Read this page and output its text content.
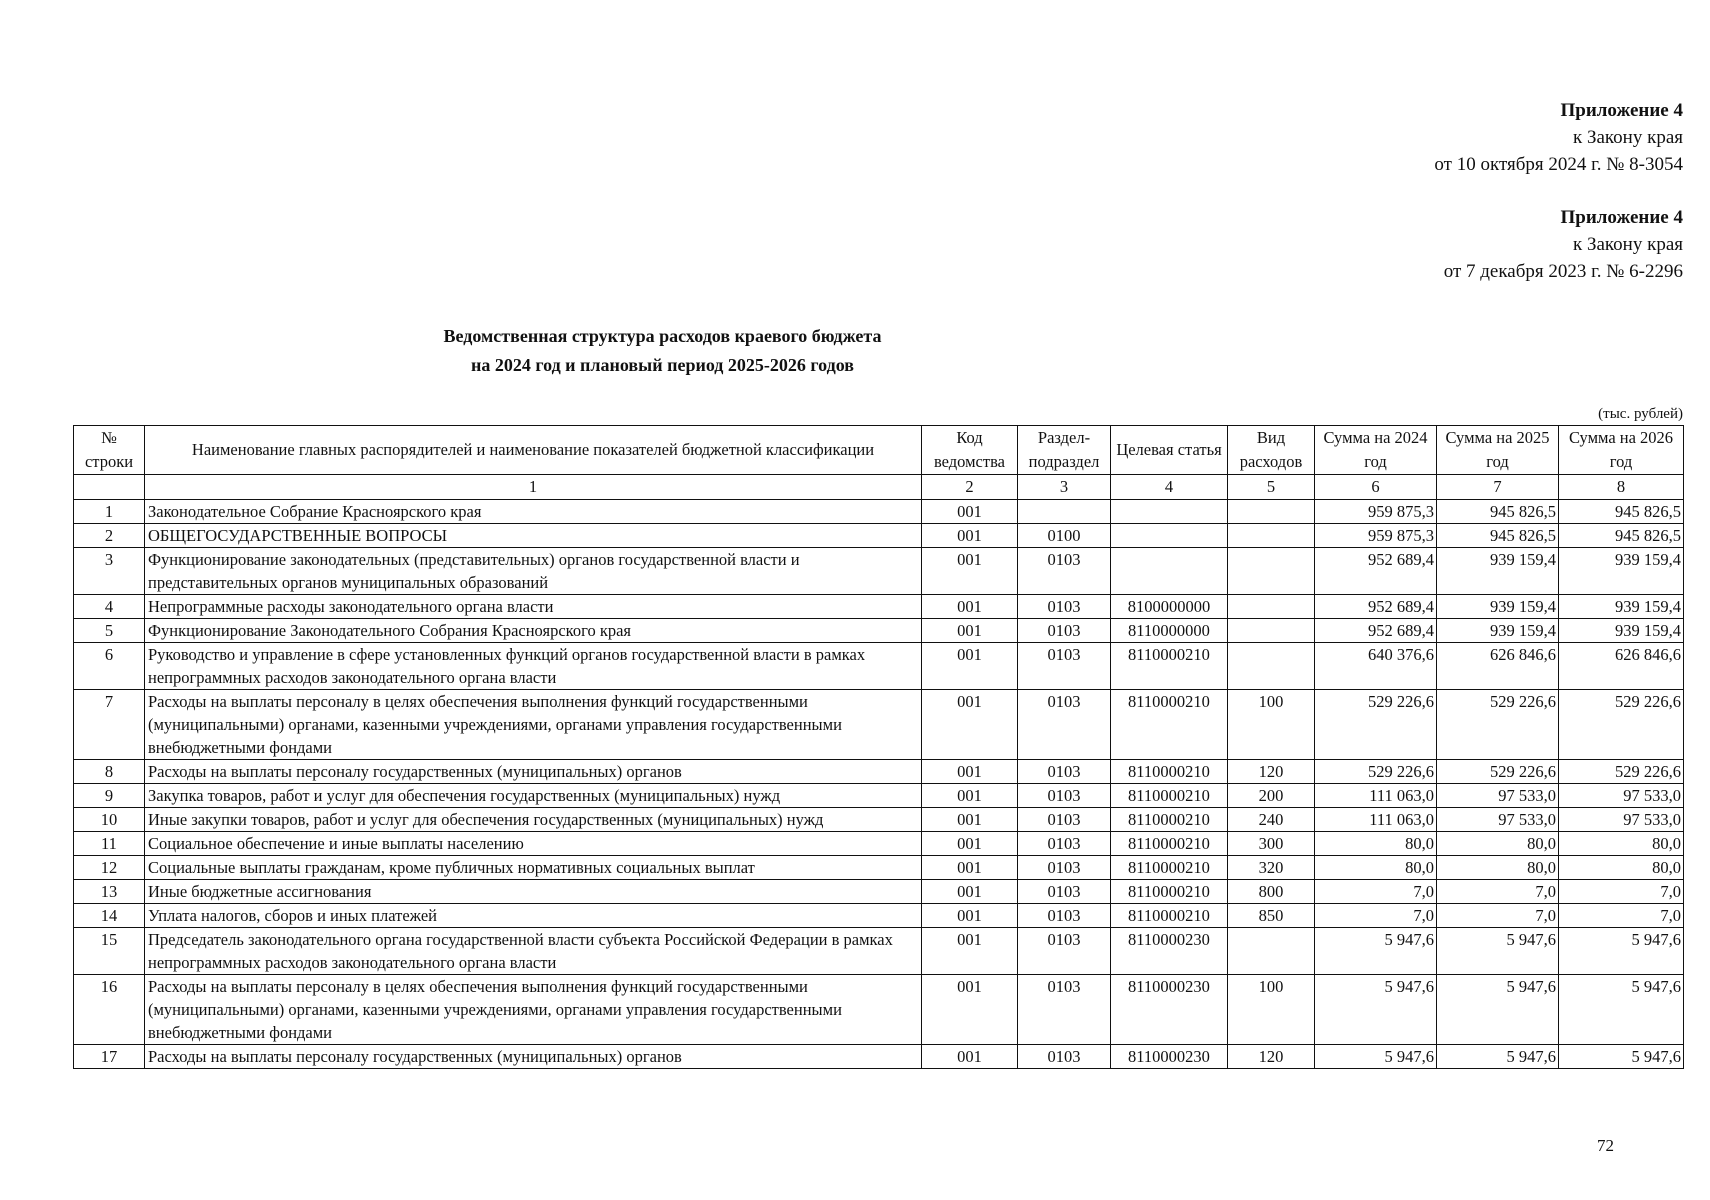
Приложение 4
к Закону края
от 10 октября 2024 г. № 8-3054
Приложение 4
к Закону края
от 7 декабря 2023 г. № 6-2296
Ведомственная структура расходов краевого бюджета
на 2024 год и плановый период 2025-2026 годов
(тыс. рублей)
№ строки	Наименование главных распорядителей и наименование показателей бюджетной классификации	Код ведомства	Раздел-подраздел	Целевая статья	Вид расходов	Сумма на 2024 год	Сумма на 2025 год	Сумма на 2026 год
	1	2	3	4	5	6	7	8
1	Законодательное Собрание Красноярского края	001				959 875,3	945 826,5	945 826,5
2	ОБЩЕГОСУДАРСТВЕННЫЕ ВОПРОСЫ	001	0100			959 875,3	945 826,5	945 826,5
3	Функционирование законодательных (представительных) органов государственной власти и представительных органов муниципальных образований	001	0103			952 689,4	939 159,4	939 159,4
4	Непрограммные расходы законодательного органа власти	001	0103	8100000000		952 689,4	939 159,4	939 159,4
5	Функционирование Законодательного Собрания Красноярского края	001	0103	8110000000		952 689,4	939 159,4	939 159,4
6	Руководство и управление в сфере установленных функций органов государственной власти в рамках непрограммных расходов законодательного органа власти	001	0103	8110000210		640 376,6	626 846,6	626 846,6
7	Расходы на выплаты персоналу в целях обеспечения выполнения функций государственными (муниципальными) органами, казенными учреждениями, органами управления государственными внебюджетными фондами	001	0103	8110000210	100	529 226,6	529 226,6	529 226,6
8	Расходы на выплаты персоналу государственных (муниципальных) органов	001	0103	8110000210	120	529 226,6	529 226,6	529 226,6
9	Закупка товаров, работ и услуг для обеспечения государственных (муниципальных) нужд	001	0103	8110000210	200	111 063,0	97 533,0	97 533,0
10	Иные закупки товаров, работ и услуг для обеспечения государственных (муниципальных) нужд	001	0103	8110000210	240	111 063,0	97 533,0	97 533,0
11	Социальное обеспечение и иные выплаты населению	001	0103	8110000210	300	80,0	80,0	80,0
12	Социальные выплаты гражданам, кроме публичных нормативных социальных выплат	001	0103	8110000210	320	80,0	80,0	80,0
13	Иные бюджетные ассигнования	001	0103	8110000210	800	7,0	7,0	7,0
14	Уплата налогов, сборов и иных платежей	001	0103	8110000210	850	7,0	7,0	7,0
15	Председатель законодательного органа государственной власти субъекта Российской Федерации в рамках непрограммных расходов законодательного органа власти	001	0103	8110000230		5 947,6	5 947,6	5 947,6
16	Расходы на выплаты персоналу в целях обеспечения выполнения функций государственными (муниципальными) органами, казенными учреждениями, органами управления государственными внебюджетными фондами	001	0103	8110000230	100	5 947,6	5 947,6	5 947,6
17	Расходы на выплаты персоналу государственных (муниципальных) органов	001	0103	8110000230	120	5 947,6	5 947,6	5 947,6
72
